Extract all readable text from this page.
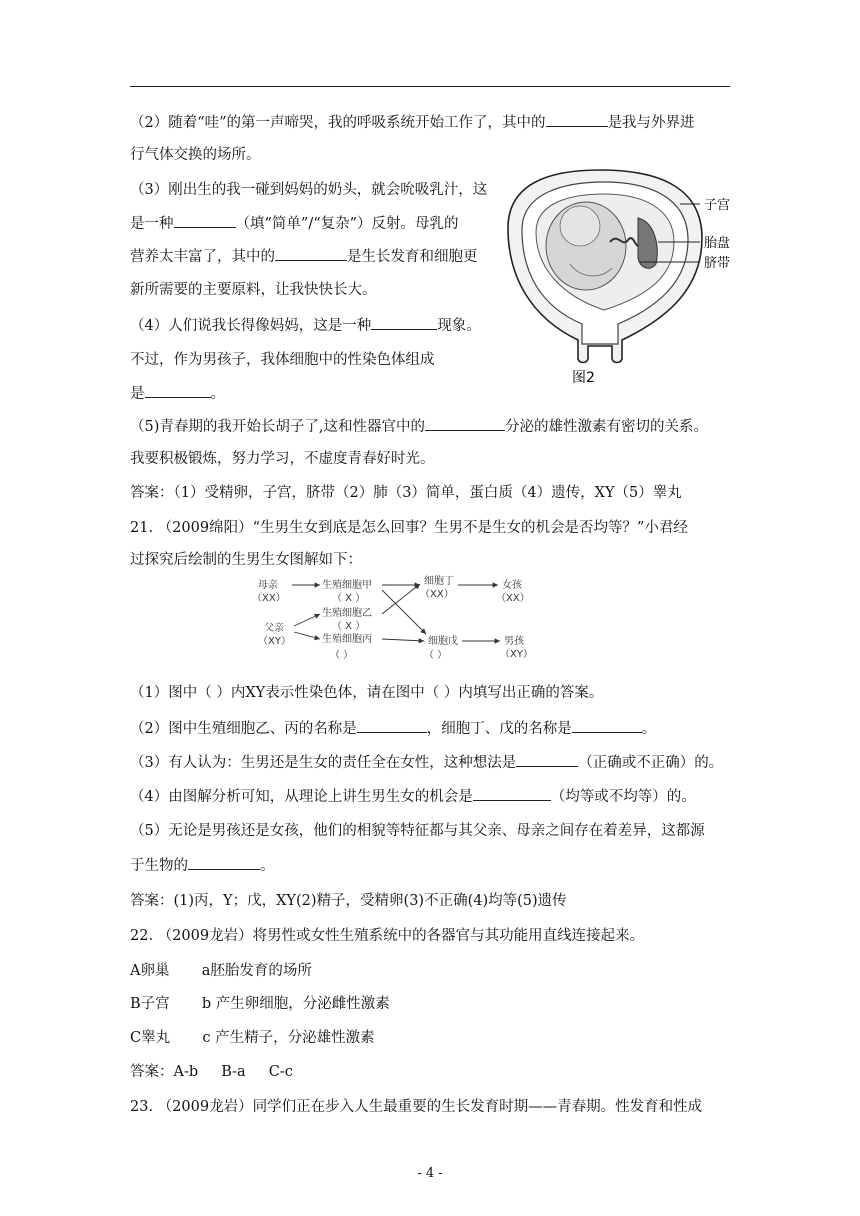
（2）随着“哇”的第一声啼哭，我的呼吸系统开始工作了，其中的	是我与外界进
行气体交换的场所。
（3）刚出生的我一碰到妈妈的奶头，就会吮吸乳汁，这
是一种	（填“简单”/“复杂”）反射。母乳的
营养太丰富了，其中的	是生长发育和细胞更
新所需要的主要原料，让我快快长大。
（4）人们说我长得像妈妈，这是一种	现象。
不过，作为男孩子，我体细胞中的性染色体组成
是	。
（5)青春期的我开始长胡子了,这和性器官中的	分泌的雄性激素有密切的关系。
我要积极锻炼，努力学习，不虚度青春好时光。
答案：（1）受精卵，子宫，脐带（2）肺（3）简单，蛋白质（4）遗传，XY（5）睾丸
21. （2009绵阳）“生男生女到底是怎么回事？生男不是生女的机会是否均等？”小君经
过探究后绘制的生男生女图解如下：
子宫
胎盘
脐带
图2
母亲
（XX）
生殖细胞甲
（ X ）
细胞丁
（XX）
女孩
（XX）
生殖细胞乙
（ X ）
父亲
（XY）	生殖细胞丙
（ ）
细胞戊
（ ）
男孩
（XY）
（1）图中（ ）内XY表示性染色体，请在图中（ ）内填写出正确的答案。
（2）图中生殖细胞乙、丙的名称是	，细胞丁、戊的名称是	。
（3）有人认为：生男还是生女的责任全在女性，这种想法是	（正确或不正确）的。
（4）由图解分析可知，从理论上讲生男生女的机会是	（均等或不均等）的。
（5）无论是男孩还是女孩，他们的相貌等特征都与其父亲、母亲之间存在着差异，这都源
于生物的	。
答案：(1)丙，Y；戊，XY(2)精子，受精卵(3)不正确(4)均等(5)遗传
22. （2009龙岩）将男性或女性生殖系统中的各器官与其功能用直线连接起来。
A卵巢       a胚胎发育的场所
B子宫       b 产生卵细胞，分泌雌性激素
C睾丸       c 产生精子，分泌雄性激素
答案：A-b     B-a     C-c
23. （2009龙岩）同学们正在步入人生最重要的生长发育时期——青春期。性发育和性成
- 4 -
